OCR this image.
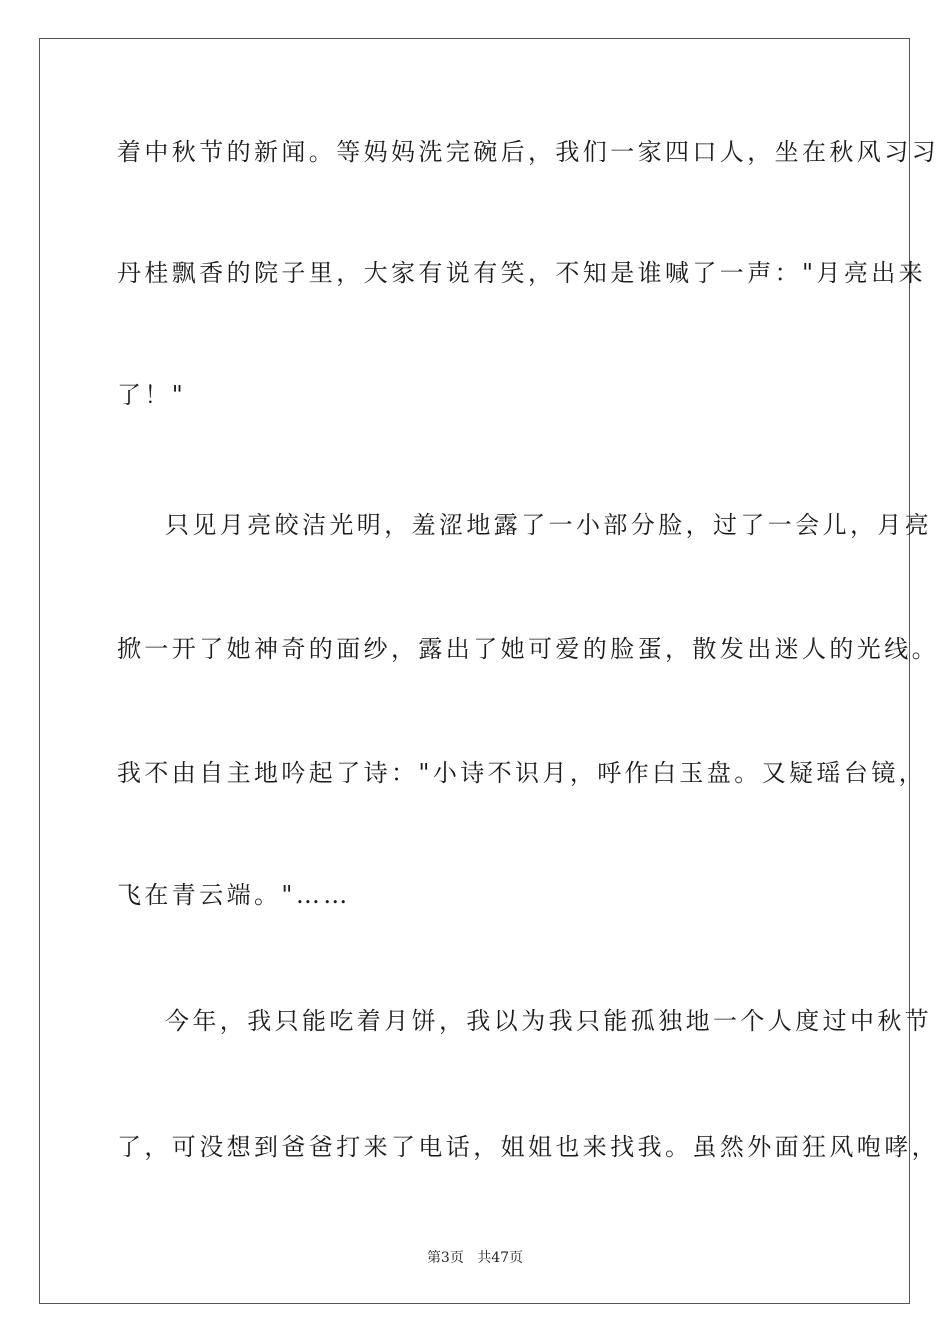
着中秋节的新闻。等妈妈洗完碗后，我们一家四口人，坐在秋风习习
丹桂飘香的院子里，大家有说有笑，不知是谁喊了一声："月亮出来
了！"
只见月亮皎洁光明，羞涩地露了一小部分脸，过了一会儿，月亮
掀一开了她神奇的面纱，露出了她可爱的脸蛋，散发出迷人的光线。
我不由自主地吟起了诗："小诗不识月，呼作白玉盘。又疑瑶台镜，
飞在青云端。"……
今年，我只能吃着月饼，我以为我只能孤独地一个人度过中秋节
了，可没想到爸爸打来了电话，姐姐也来找我。虽然外面狂风咆哮，
第3页 共47页
